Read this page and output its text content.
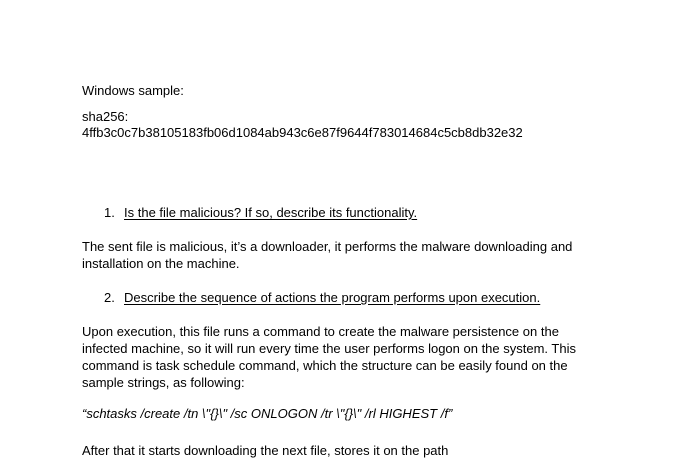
Windows sample:

sha256:

4ffb3c0c7b38105183fb06d1084ab943c6e87f9644f783014684c5cb8db32e32

1. Is the file malicious? If so, describe its functionality.

The sent file is malicious, it’s a downloader, it performs the malware downloading and installation on the machine.

2. Describe the sequence of actions the program performs upon execution.

Upon execution, this file runs a command to create the malware persistence on the infected machine, so it will run every time the user performs logon on the system. This command is task schedule command, which the structure can be easily found on the sample strings, as following:

“schtasks /create /tn \"{}\" /sc ONLOGON /tr \"{}\" /rl HIGHEST /f”

After that it starts downloading the next file, stores it on the path
